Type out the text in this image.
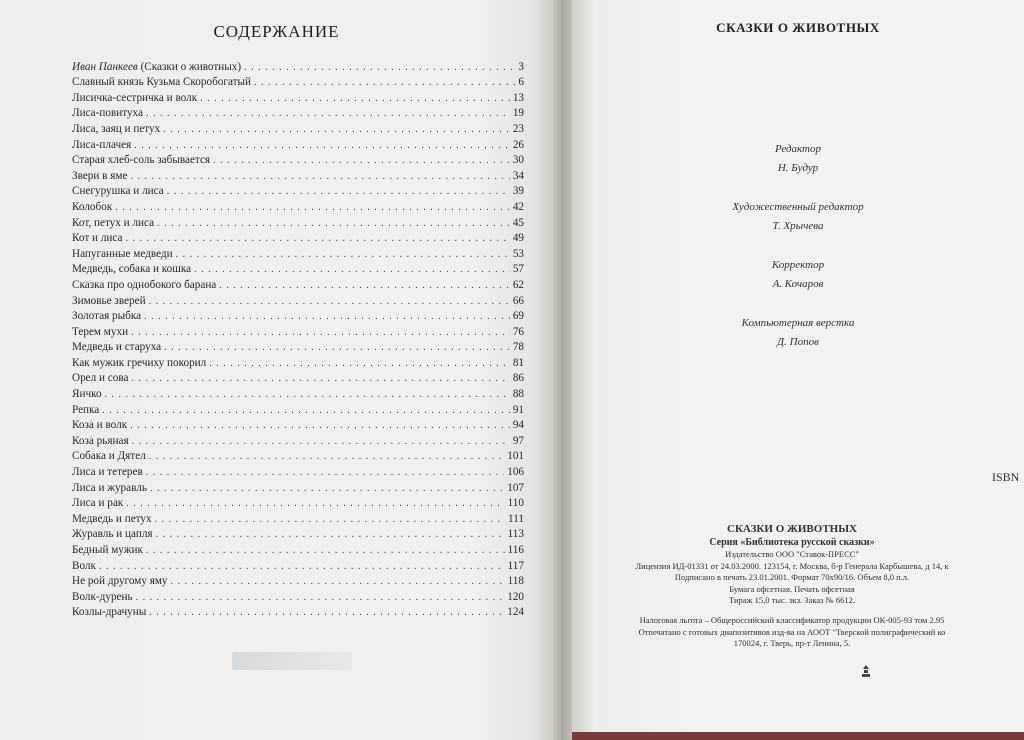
СОДЕРЖАНИЕ
Иван Панкеев (Сказки о животных) . . .	3
Славный князь Кузьма Скоробогатый . . .	6
Лисичка-сестричка и волк . . .	13
Лиса-повитуха . . .	19
Лиса, заяц и петух . . .	23
Лиса-плачея . . .	26
Старая хлеб-соль забывается . . .	30
Звери в яме . . .	34
Снегурушка и лиса . . .	39
Колобок . . .	42
Кот, петух и лиса . . .	45
Кот и лиса . . .	49
Напуганные медведи . . .	53
Медведь, собака и кошка . . .	57
Сказка про однобокого барана . . .	62
Зимовье зверей . . .	66
Золотая рыбка . . .	69
Терем мухи . . .	76
Медведь и старуха . . .	78
Как мужик гречиху покорил . . .	81
Орел и сова . . .	86
Яичко . . .	88
Репка . . .	91
Коза и волк . . .	94
Коза рьяная . . .	97
Собака и Дятел . . .	101
Лиса и тетерев . . .	106
Лиса и журавль . . .	107
Лиса и рак . . .	110
Медведь и петух . . .	111
Журавль и цапля . . .	113
Бедный мужик . . .	116
Волк . . .	117
Не рой другому яму . . .	118
Волк-дурень . . .	120
Козлы-драчуны . . .	124
СКАЗКИ О ЖИВОТНЫХ
Редактор
Н. Будур
Художественный редактор
Т. Хрычева
Корректор
А. Кочаров
Компьютерная верстка
Д. Попов
ISBN
СКАЗКИ О ЖИВОТНЫХ
Серия «Библиотека русской сказки»
Издательство ООО "Ставок-ПРЕСС"
Лицензия ИД-01331 от 24.03.2000. 123154, г. Москва, б-р Генерала Карбышева, д 14, к
Подписано в печать 23.01.2001. Формат 70х90/16. Объем 8,0 п.л.
Бумага офсетная. Печать офсетная
Тираж 15,0 тыс. экз. Заказ № 6612.
Налоговая льгота – Общероссийский классификатор продукции ОК-005-93 том 2.95
Отпечатано с готовых диапозитивов изд-ва на АООТ "Тверской полиграфический ко
170024, г. Тверь, пр-т Ленина, 5.
